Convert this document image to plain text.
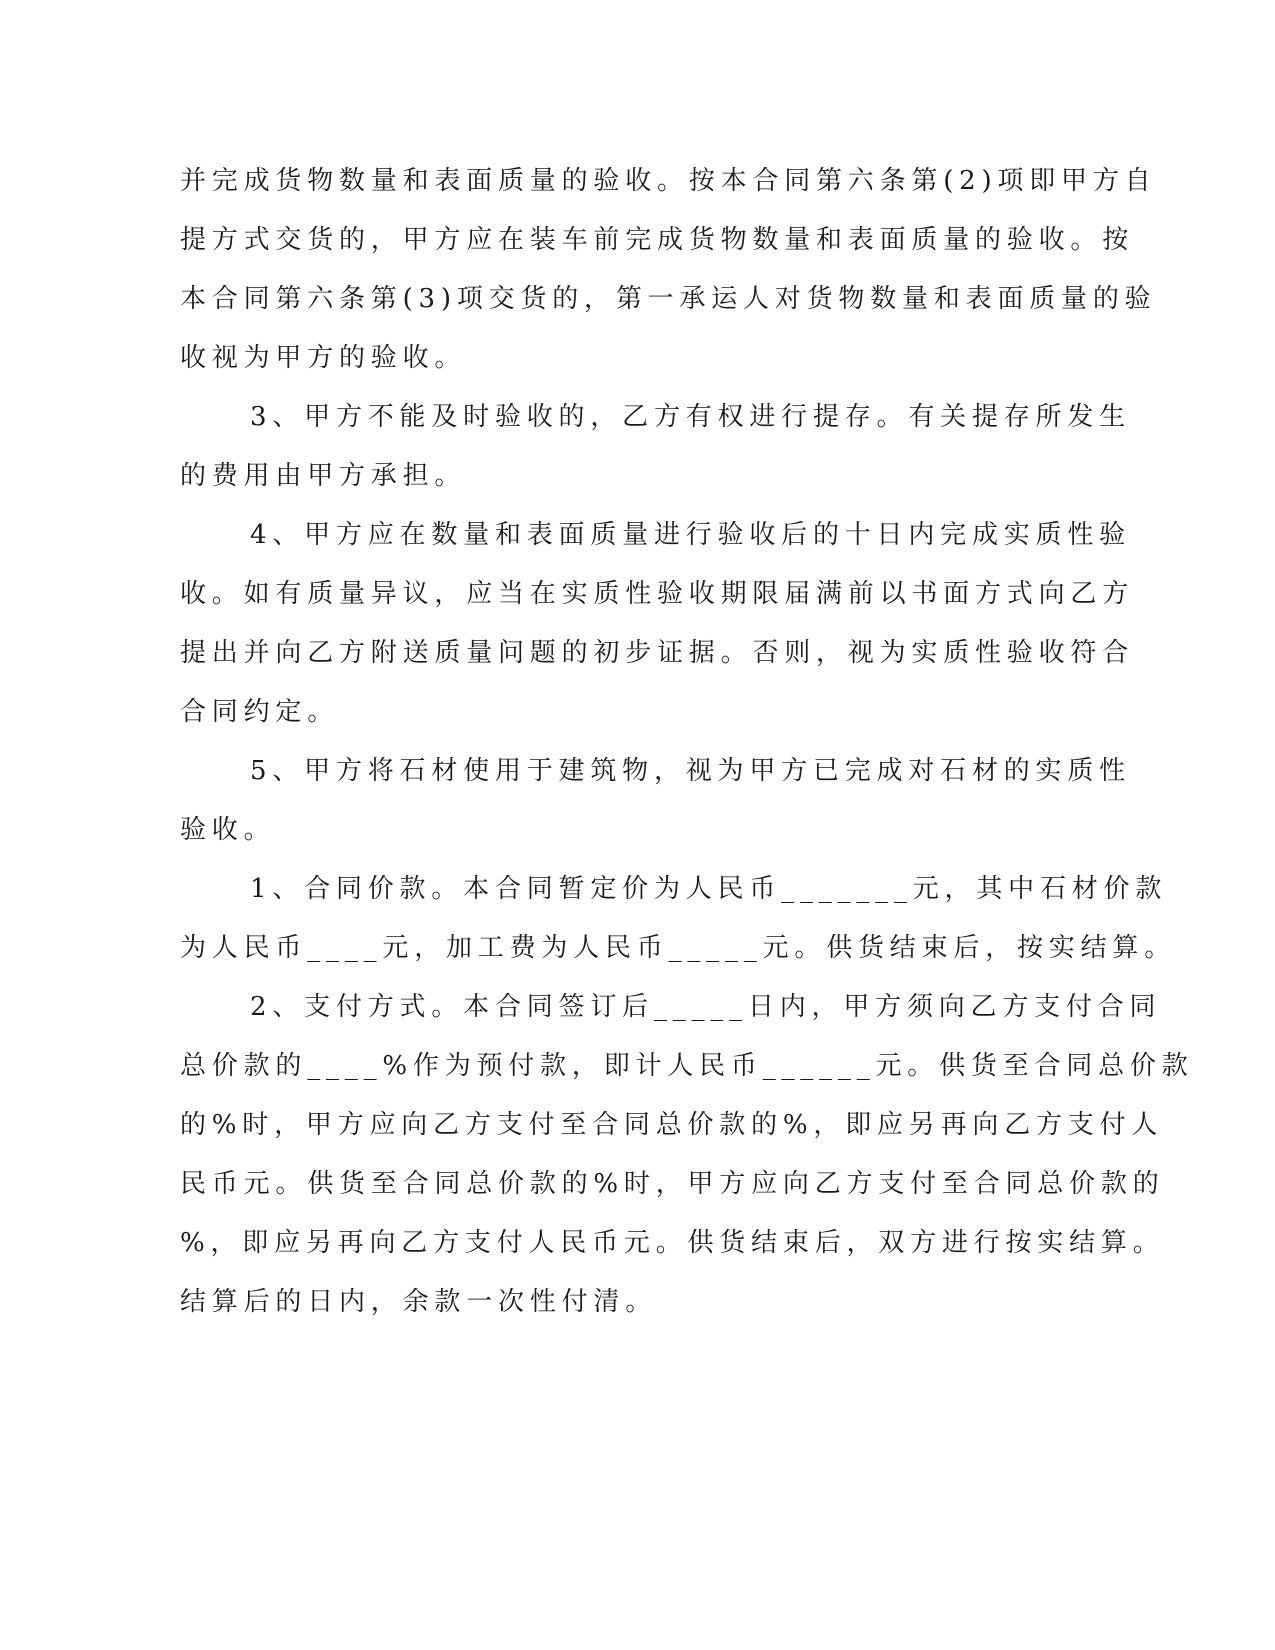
并完成货物数量和表面质量的验收。按本合同第六条第(2)项即甲方自
提方式交货的，甲方应在装车前完成货物数量和表面质量的验收。按
本合同第六条第(3)项交货的，第一承运人对货物数量和表面质量的验
收视为甲方的验收。
3、甲方不能及时验收的，乙方有权进行提存。有关提存所发生
的费用由甲方承担。
4、甲方应在数量和表面质量进行验收后的十日内完成实质性验
收。如有质量异议，应当在实质性验收期限届满前以书面方式向乙方
提出并向乙方附送质量问题的初步证据。否则，视为实质性验收符合
合同约定。
5、甲方将石材使用于建筑物，视为甲方已完成对石材的实质性
验收。
1、合同价款。本合同暂定价为人民币_______元，其中石材价款
为人民币____元，加工费为人民币_____元。供货结束后，按实结算。
2、支付方式。本合同签订后_____日内，甲方须向乙方支付合同
总价款的____%作为预付款，即计人民币______元。供货至合同总价款
的%时，甲方应向乙方支付至合同总价款的%，即应另再向乙方支付人
民币元。供货至合同总价款的%时，甲方应向乙方支付至合同总价款的
%，即应另再向乙方支付人民币元。供货结束后，双方进行按实结算。
结算后的日内，余款一次性付清。
